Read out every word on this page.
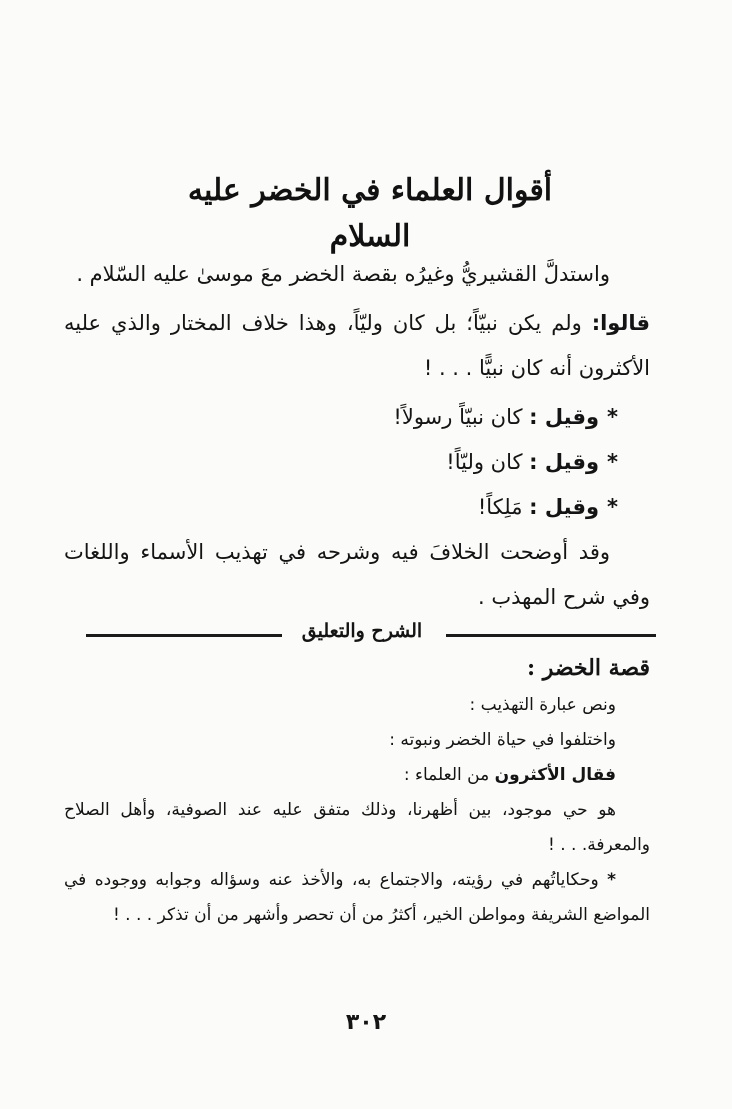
أقوال العلماء في الخضر عليه السلام

واستدلَّ القشيريُّ وغيرُه بقصة الخضر معَ موسىٰ عليه السّلام .

قالوا: ولم يكن نبيّاً؛ بل كان وليّاً، وهذا خلاف المختار والذي عليه الأكثرون أنه كان نبيًّا . . . !

*وقيل : كان نبيّاً رسولاً!

*وقيل : كان وليّاً!

*وقيل : مَلِكاً!

وقد أوضحت الخلافَ فيه وشرحه في تهذيب الأسماء واللغات وفي شرح المهذب .

الشرح والتعليق

قصة الخضر :

ونص عبارة التهذيب :

واختلفوا في حياة الخضر ونبوته :

فقال الأكثرون من العلماء :

هو حي موجود، بين أظهرنا، وذلك متفق عليه عند الصوفية، وأهل الصلاح والمعرفة. . . !

* وحكاياتُهم في رؤيته، والاجتماع به، والأخذ عنه وسؤاله وجوابه ووجوده في المواضع الشريفة ومواطن الخير، أكثرُ من أن تحصر وأشهر من أن تذكر . . . !

٣٠٢
